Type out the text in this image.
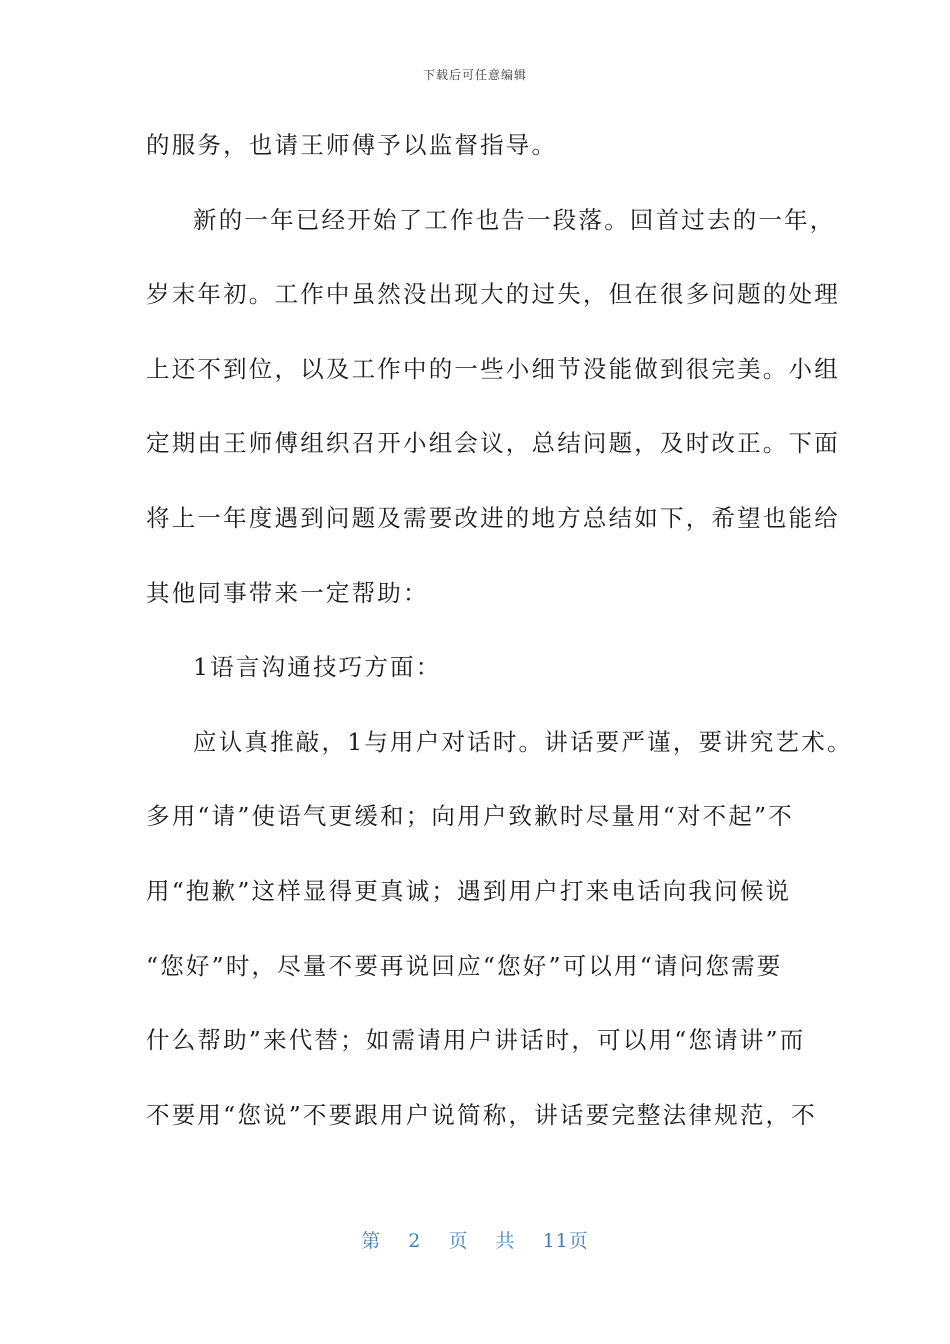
下载后可任意编辑
的服务，也请王师傅予以监督指导。
新的一年已经开始了工作也告一段落。回首过去的一年，
岁末年初。工作中虽然没出现大的过失，但在很多问题的处理
上还不到位，以及工作中的一些小细节没能做到很完美。小组
定期由王师傅组织召开小组会议，总结问题，及时改正。下面
将上一年度遇到问题及需要改进的地方总结如下，希望也能给
其他同事带来一定帮助：
1语言沟通技巧方面：
应认真推敲，1与用户对话时。讲话要严谨，要讲究艺术。
多用“请”使语气更缓和；向用户致歉时尽量用“对不起”不
用“抱歉”这样显得更真诚；遇到用户打来电话向我问候说
“您好”时，尽量不要再说回应“您好”可以用“请问您需要
什么帮助”来代替；如需请用户讲话时，可以用“您请讲”而
不要用“您说”不要跟用户说简称，讲话要完整法律规范，不
第 2 页 共 11页
